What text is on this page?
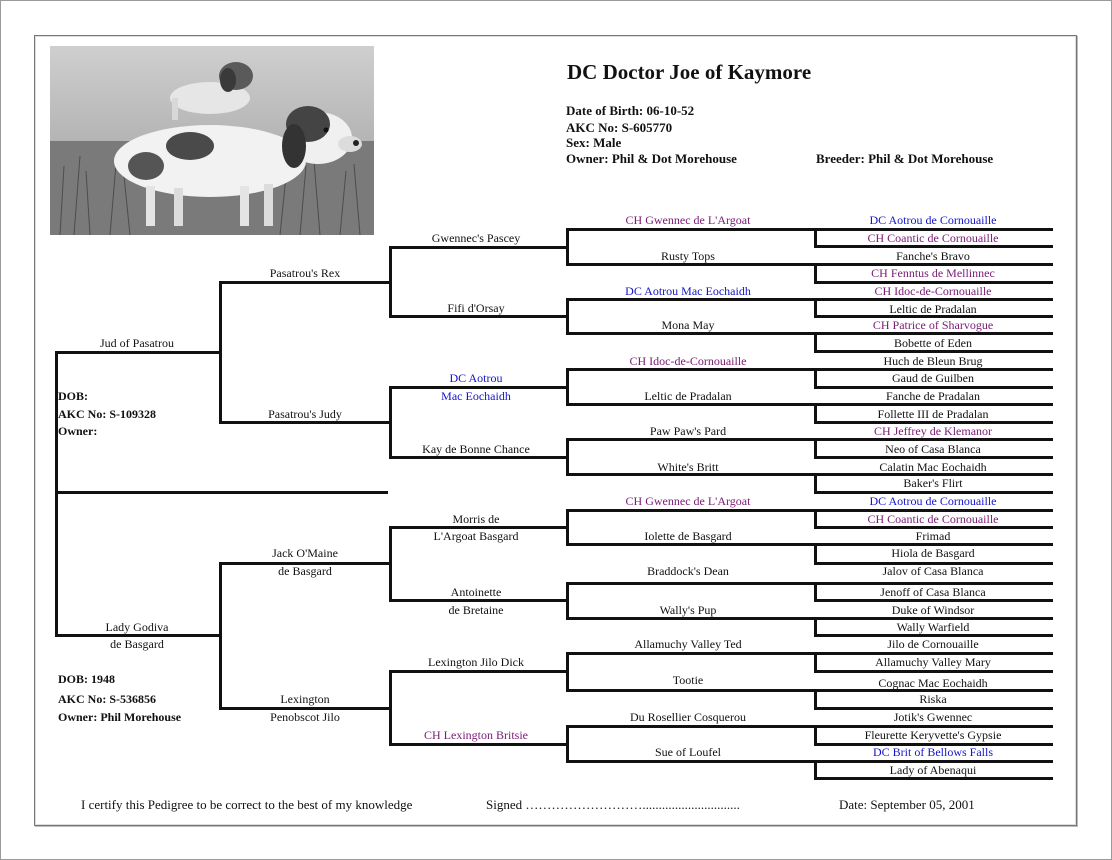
DC Doctor Joe of Kaymore
Date of Birth: 06-10-52
AKC No: S-605770
Sex: Male
Owner: Phil & Dot Morehouse	Breeder: Phil & Dot Morehouse
DOB:
AKC No: S-109328
Owner:
DOB: 1948
AKC No: S-536856
Owner: Phil Morehouse
Jud of Pasatrou
Lady Godiva
de Basgard
Pasatrou's Rex
Pasatrou's Judy
Jack O'Maine
de Basgard
Lexington
Penobscot Jilo
Gwennec's Pascey
Fifi d'Orsay
DC Aotrou
Mac Eochaidh
Kay de Bonne Chance
Morris de
L'Argoat Basgard
Antoinette
de Bretaine
Lexington Jilo Dick
CH Lexington Britsie
CH Gwennec de L'Argoat
Rusty Tops
DC Aotrou Mac Eochaidh
Mona May
CH Idoc-de-Cornouaille
Leltic de Pradalan
Paw Paw's Pard
White's Britt
CH Gwennec de L'Argoat
Iolette de Basgard
Braddock's Dean
Wally's Pup
Allamuchy Valley Ted
Tootie
Du Rosellier Cosquerou
Sue of Loufel
DC Aotrou de Cornouaille
CH Coantic de Cornouaille
Fanche's Bravo
CH Fenntus de Mellinnec
CH Idoc-de-Cornouaille
Leltic de Pradalan
CH Patrice of Sharvogue
Bobette of Eden
Huch de Bleun Brug
Gaud de Guilben
Fanche de Pradalan
Follette III de Pradalan
CH Jeffrey de Klemanor
Neo of Casa Blanca
Calatin Mac Eochaidh
Baker's Flirt
DC Aotrou de Cornouaille
CH Coantic de Cornouaille
Frimad
Hiola de Basgard
Jalov of Casa Blanca
Jenoff of Casa Blanca
Duke of Windsor
Wally Warfield
Jilo de Cornouaille
Allamuchy Valley Mary
Cognac Mac Eochaidh
Riska
Jotik's Gwennec
Fleurette Keryvette's Gypsie
DC Brit of Bellows Falls
Lady of Abenaqui
I certify this Pedigree to be correct to the best of my knowledge	Signed ………………………..............................	Date: September 05, 2001
